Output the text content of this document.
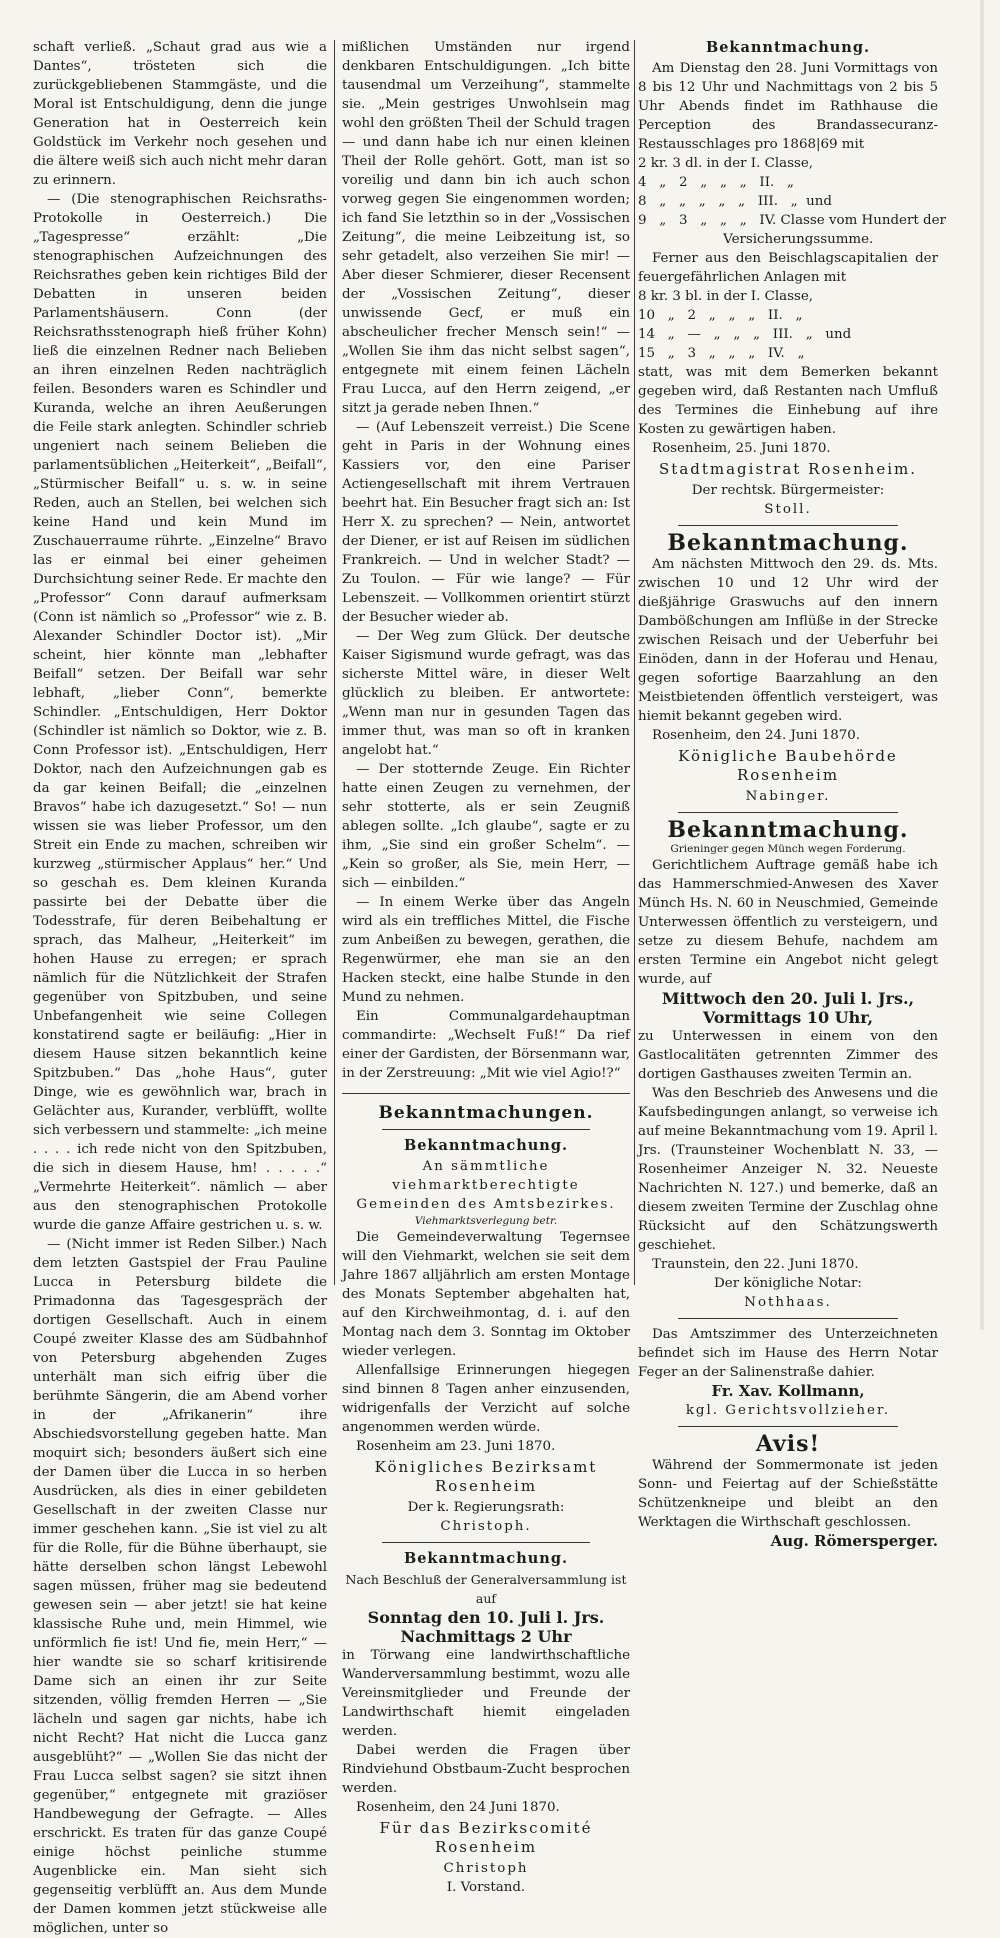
schaft verließ. „Schaut grad aus wie a Dantes“, trösteten sich die zurückgebliebenen Stammgäste, und die Moral ist Entschuldigung, denn die junge Generation hat in Oesterreich kein Goldstück im Verkehr noch gesehen und die ältere weiß sich auch nicht mehr daran zu erinnern.

— (Die stenographischen Reichsraths-Protokolle in Oesterreich.) Die „Tagespresse“ erzählt: „Die stenographischen Aufzeichnungen des Reichsrathes geben kein richtiges Bild der Debatten in unseren beiden Parlamentshäusern. Conn (der Reichsrathsstenograph hieß früher Kohn) ließ die einzelnen Redner nach Belieben an ihren einzelnen Reden nachträglich feilen. Besonders waren es Schindler und Kuranda, welche an ihren Aeußerungen die Feile stark anlegten. Schindler schrieb ungeniert nach seinem Belieben die parlamentsüblichen „Heiterkeit“, „Beifall“, „Stürmischer Beifall“ u. s. w. in seine Reden, auch an Stellen, bei welchen sich keine Hand und kein Mund im Zuschauerraume rührte. „Einzelne“ Bravo las er einmal bei einer geheimen Durchsichtung seiner Rede. Er machte den „Professor“ Conn darauf aufmerksam (Conn ist nämlich so „Professor“ wie z. B. Alexander Schindler Doctor ist). „Mir scheint, hier könnte man „lebhafter Beifall“ setzen. Der Beifall war sehr lebhaft, „lieber Conn“, bemerkte Schindler. „Entschuldigen, Herr Doktor (Schindler ist nämlich so Doktor, wie z. B. Conn Professor ist). „Entschuldigen, Herr Doktor, nach den Aufzeichnungen gab es da gar keinen Beifall; die „einzelnen Bravos“ habe ich dazugesetzt.“ So! — nun wissen sie was lieber Professor, um den Streit ein Ende zu machen, schreiben wir kurzweg „stürmischer Applaus“ her.“ Und so geschah es. Dem kleinen Kuranda passirte bei der Debatte über die Todesstrafe, für deren Beibehaltung er sprach, das Malheur, „Heiterkeit“ im hohen Hause zu erregen; er sprach nämlich für die Nützlichkeit der Strafen gegenüber von Spitzbuben, und seine Unbefangenheit wie seine Collegen konstatirend sagte er beiläufig: „Hier in diesem Hause sitzen bekanntlich keine Spitzbuben.“ Das „hohe Haus“, guter Dinge, wie es gewöhnlich war, brach in Gelächter aus, Kurander, verblüfft, wollte sich verbessern und stammelte: „ich meine . . . . ich rede nicht von den Spitzbuben, die sich in diesem Hause, hm! . . . . .“ „Vermehrte Heiterkeit“. nämlich — aber aus den stenographischen Protokolle wurde die ganze Affaire gestrichen u. s. w.

— (Nicht immer ist Reden Silber.) Nach dem letzten Gastspiel der Frau Pauline Lucca in Petersburg bildete die Primadonna das Tagesgespräch der dortigen Gesellschaft. Auch in einem Coupé zweiter Klasse des am Südbahnhof von Petersburg abgehenden Zuges unterhält man sich eifrig über die berühmte Sängerin, die am Abend vorher in der „Afrikanerin“ ihre Abschiedsvorstellung gegeben hatte. Man moquirt sich; besonders äußert sich eine der Damen über die Lucca in so herben Ausdrücken, als dies in einer gebildeten Gesellschaft in der zweiten Classe nur immer geschehen kann. „Sie ist viel zu alt für die Rolle, für die Bühne überhaupt, sie hätte derselben schon längst Lebewohl sagen müssen, früher mag sie bedeutend gewesen sein — aber jetzt! sie hat keine klassische Ruhe und, mein Himmel, wie unförmlich fie ist! Und fie, mein Herr,“ — hier wandte sie so scharf kritisirende Dame sich an einen ihr zur Seite sitzenden, völlig fremden Herren — „Sie lächeln und sagen gar nichts, habe ich nicht Recht? Hat nicht die Lucca ganz ausgeblüht?“ — „Wollen Sie das nicht der Frau Lucca selbst sagen? sie sitzt ihnen gegenüber,“ entgegnete mit graziöser Handbewegung der Gefragte. — Alles erschrickt. Es traten für das ganze Coupé einige höchst peinliche stumme Augenblicke ein. Man sieht sich gegenseitig verblüfft an. Aus dem Munde der Damen kommen jetzt stückweise alle möglichen, unter so

mißlichen Umständen nur irgend denkbaren Entschuldigungen. „Ich bitte tausendmal um Verzeihung“, stammelte sie. „Mein gestriges Unwohlsein mag wohl den größten Theil der Schuld tragen — und dann habe ich nur einen kleinen Theil der Rolle gehört. Gott, man ist so voreilig und dann bin ich auch schon vorweg gegen Sie eingenommen worden; ich fand Sie letzthin so in der „Vossischen Zeitung“, die meine Leibzeitung ist, so sehr getadelt, also verzeihen Sie mir! — Aber dieser Schmierer, dieser Recensent der „Vossischen Zeitung“, dieser unwissende Gecf, er muß ein abscheulicher frecher Mensch sein!“ — „Wollen Sie ihm das nicht selbst sagen“, entgegnete mit einem feinen Lächeln Frau Lucca, auf den Herrn zeigend, „er sitzt ja gerade neben Ihnen.“

— (Auf Lebenszeit verreist.) Die Scene geht in Paris in der Wohnung eines Kassiers vor, den eine Pariser Actiengesellschaft mit ihrem Vertrauen beehrt hat. Ein Besucher fragt sich an: Ist Herr X. zu sprechen? — Nein, antwortet der Diener, er ist auf Reisen im südlichen Frankreich. — Und in welcher Stadt? — Zu Toulon. — Für wie lange? — Für Lebenszeit. — Vollkommen orientirt stürzt der Besucher wieder ab.

— Der Weg zum Glück. Der deutsche Kaiser Sigismund wurde gefragt, was das sicherste Mittel wäre, in dieser Welt glücklich zu bleiben. Er antwortete: „Wenn man nur in gesunden Tagen das immer thut, was man so oft in kranken angelobt hat.“

— Der stotternde Zeuge. Ein Richter hatte einen Zeugen zu vernehmen, der sehr stotterte, als er sein Zeugniß ablegen sollte. „Ich glaube“, sagte er zu ihm, „Sie sind ein großer Schelm“. — „Kein so großer, als Sie, mein Herr, — sich — einbilden.“

— In einem Werke über das Angeln wird als ein treffliches Mittel, die Fische zum Anbeißen zu bewegen, gerathen, die Regenwürmer, ehe man sie an den Hacken steckt, eine halbe Stunde in den Mund zu nehmen.

Ein Communalgardehauptman commandirte: „Wechselt Fuß!“ Da rief einer der Gardisten, der Börsenmann war, in der Zerstreuung: „Mit wie viel Agio!?“

Bekanntmachungen.
Bekanntmachung.
An sämmtliche viehmarktberechtigte Gemeinden des Amtsbezirkes.
Viehmarktsverlegung betr.

Die Gemeindeverwaltung Tegernsee will den Viehmarkt, welchen sie seit dem Jahre 1867 alljährlich am ersten Montage des Monats September abgehalten hat, auf den Kirchweihmontag, d. i. auf den Montag nach dem 3. Sonntag im Oktober wieder verlegen.

Allenfallsige Erinnerungen hiegegen sind binnen 8 Tagen anher einzusenden, widrigenfalls der Verzicht auf solche angenommen werden würde.

Rosenheim am 23. Juni 1870.

Königliches Bezirksamt Rosenheim
Der k. Regierungsrath:
Christoph.
Bekanntmachung.
Nach Beschluß der Generalversammlung ist auf
Sonntag den 10. Juli l. Jrs. Nachmittags 2 Uhr

in Törwang eine landwirthschaftliche Wanderversammlung bestimmt, wozu alle Vereinsmitglieder und Freunde der Landwirthschaft hiemit eingeladen werden.

Dabei werden die Fragen über Rindviehund Obstbaum-Zucht besprochen werden.

Rosenheim, den 24 Juni 1870.

Für das Bezirkscomité Rosenheim
Christoph
I. Vorstand.
Bekanntmachung.

Am Dienstag den 28. Juni Vormittags von 8 bis 12 Uhr und Nachmittags von 2 bis 5 Uhr Abends findet im Rathhause die Perception des Brandassecuranz-Restausschlages pro 1868|69 mit

2 kr. 3 dl. in der I. Classe,
4   „   2   „   „   „   II.   „
8   „   „   „   „   „   III.   „  und
9   „   3   „   „   „   IV. Classe vom Hundert der
Versicherungssumme.

Ferner aus den Beischlagscapitalien der feuergefährlichen Anlagen mit

8 kr. 3 bl. in der I. Classe,
10   „   2   „   „   „   II.   „
14   „   —   „   „   „   III.   „   und
15   „   3   „   „   „   IV.   „

statt, was mit dem Bemerken bekannt gegeben wird, daß Restanten nach Umfluß des Termines die Einhebung auf ihre Kosten zu gewärtigen haben.

Rosenheim, 25. Juni 1870.

Stadtmagistrat Rosenheim.
Der rechtsk. Bürgermeister:
Stoll.
Bekanntmachung.

Am nächsten Mittwoch den 29. ds. Mts. zwischen 10 und 12 Uhr wird der dießjährige Graswuchs auf den innern Dambößchungen am Inflüße in der Strecke zwischen Reisach und der Ueberfuhr bei Einöden, dann in der Hoferau und Henau, gegen sofortige Baarzahlung an den Meistbietenden öffentlich versteigert, was hiemit bekannt gegeben wird.

Rosenheim, den 24. Juni 1870.

Königliche Baubehörde Rosenheim
Nabinger.
Bekanntmachung.
Grieninger gegen Münch wegen Forderung.

Gerichtlichem Auftrage gemäß habe ich das Hammerschmied-Anwesen des Xaver Münch Hs. N. 60 in Neuschmied, Gemeinde Unterwessen öffentlich zu versteigern, und setze zu diesem Behufe, nachdem am ersten Termine ein Angebot nicht gelegt wurde, auf

Mittwoch den 20. Juli l. Jrs., Vormittags 10 Uhr,

zu Unterwessen in einem von den Gastlocalitäten getrennten Zimmer des dortigen Gasthauses zweiten Termin an.

Was den Beschrieb des Anwesens und die Kaufsbedingungen anlangt, so verweise ich auf meine Bekanntmachung vom 19. April l. Jrs. (Traunsteiner Wochenblatt N. 33, — Rosenheimer Anzeiger N. 32. Neueste Nachrichten N. 127.) und bemerke, daß an diesem zweiten Termine der Zuschlag ohne Rücksicht auf den Schätzungswerth geschiehet.

Traunstein, den 22. Juni 1870.

Der königliche Notar:
Nothhaas.

Das Amtszimmer des Unterzeichneten befindet sich im Hause des Herrn Notar Feger an der Salinenstraße dahier.

Fr. Xav. Kollmann,
kgl. Gerichtsvollzieher.
Avis!

Während der Sommermonate ist jeden Sonn- und Feiertag auf der Schießstätte Schützenkneipe und bleibt an den Werktagen die Wirthschaft geschlossen.

Aug. Römersperger.
